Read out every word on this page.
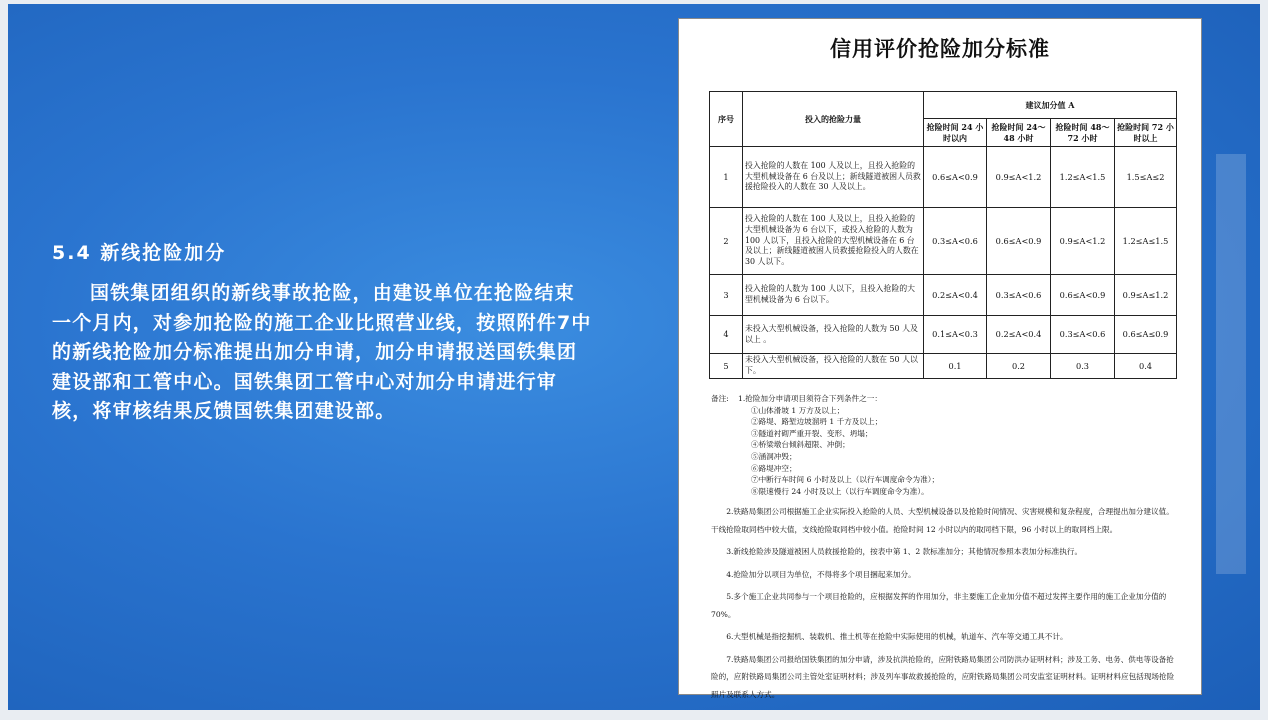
5.4 新线抢险加分
国铁集团组织的新线事故抢险，由建设单位在抢险结束一个月内，对参加抢险的施工企业比照营业线，按照附件7中的新线抢险加分标准提出加分申请，加分申请报送国铁集团建设部和工管中心。国铁集团工管中心对加分申请进行审核，将审核结果反馈国铁集团建设部。
信用评价抢险加分标准
序号	投入的抢险力量	建议加分值 A			
		抢险时间 24 小时以内	抢险时间 24～48 小时	抢险时间 48～72 小时	抢险时间 72 小时以上
1	投入抢险的人数在 100 人及以上，且投入抢险的大型机械设备在 6 台及以上；新线隧道被困人员救援抢险投入的人数在 30 人及以上。	0.6≤A<0.9	0.9≤A<1.2	1.2≤A<1.5	1.5≤A≤2
2	投入抢险的人数在 100 人及以上，且投入抢险的大型机械设备为 6 台以下，或投入抢险的人数为 100 人以下，且投入抢险的大型机械设备在 6 台及以上；新线隧道被困人员救援抢险投入的人数在 30 人以下。	0.3≤A<0.6	0.6≤A<0.9	0.9≤A<1.2	1.2≤A≤1.5
3	投入抢险的人数为 100 人以下，且投入抢险的大型机械设备为 6 台以下。	0.2≤A<0.4	0.3≤A<0.6	0.6≤A<0.9	0.9≤A≤1.2
4	未投入大型机械设备，投入抢险的人数为 50 人及以上 。	0.1≤A<0.3	0.2≤A<0.4	0.3≤A<0.6	0.6≤A≤0.9
5	未投入大型机械设备，投入抢险的人数在 50 人以下。	0.1	0.2	0.3	0.4
备注:	1.抢险加分申请项目须符合下列条件之一：
①山体滑坡 1 万方及以上；
②路堤、路堑边坡溜坍 1 千方及以上；
③隧道衬砌严重开裂、变形、坍塌；
④桥梁墩台倾斜超限、冲倒；
⑤涵洞冲毁；
⑥路堤冲空；
⑦中断行车时间 6 小时及以上（以行车调度命令为准）；
⑧限速慢行 24 小时及以上（以行车调度命令为准）。
2.铁路局集团公司根据施工企业实际投入抢险的人员、大型机械设备以及抢险时间情况、灾害规模和复杂程度，合理提出加分建议值。干线抢险取同档中较大值，支线抢险取同档中较小值。抢险时间 12 小时以内的取同档下限，96 小时以上的取同档上限。
3.新线抢险涉及隧道被困人员救援抢险的，按表中第 1、2 款标准加分；其他情况参照本表加分标准执行。
4.抢险加分以项目为单位，不得将多个项目捆起来加分。
5.多个施工企业共同参与一个项目抢险的，应根据发挥的作用加分，非主要施工企业加分值不超过发挥主要作用的施工企业加分值的 70%。
6.大型机械是指挖掘机、装载机、推土机等在抢险中实际使用的机械，轨道车、汽车等交通工具不计。
7.铁路局集团公司报给国铁集团的加分申请，涉及抗洪抢险的，应附铁路局集团公司防洪办证明材料；涉及工务、电务、供电等设备抢险的，应附铁路局集团公司主管处室证明材料；涉及列车事故救援抢险的，应附铁路局集团公司安监室证明材料。证明材料应包括现场抢险照片及联系人方式。
